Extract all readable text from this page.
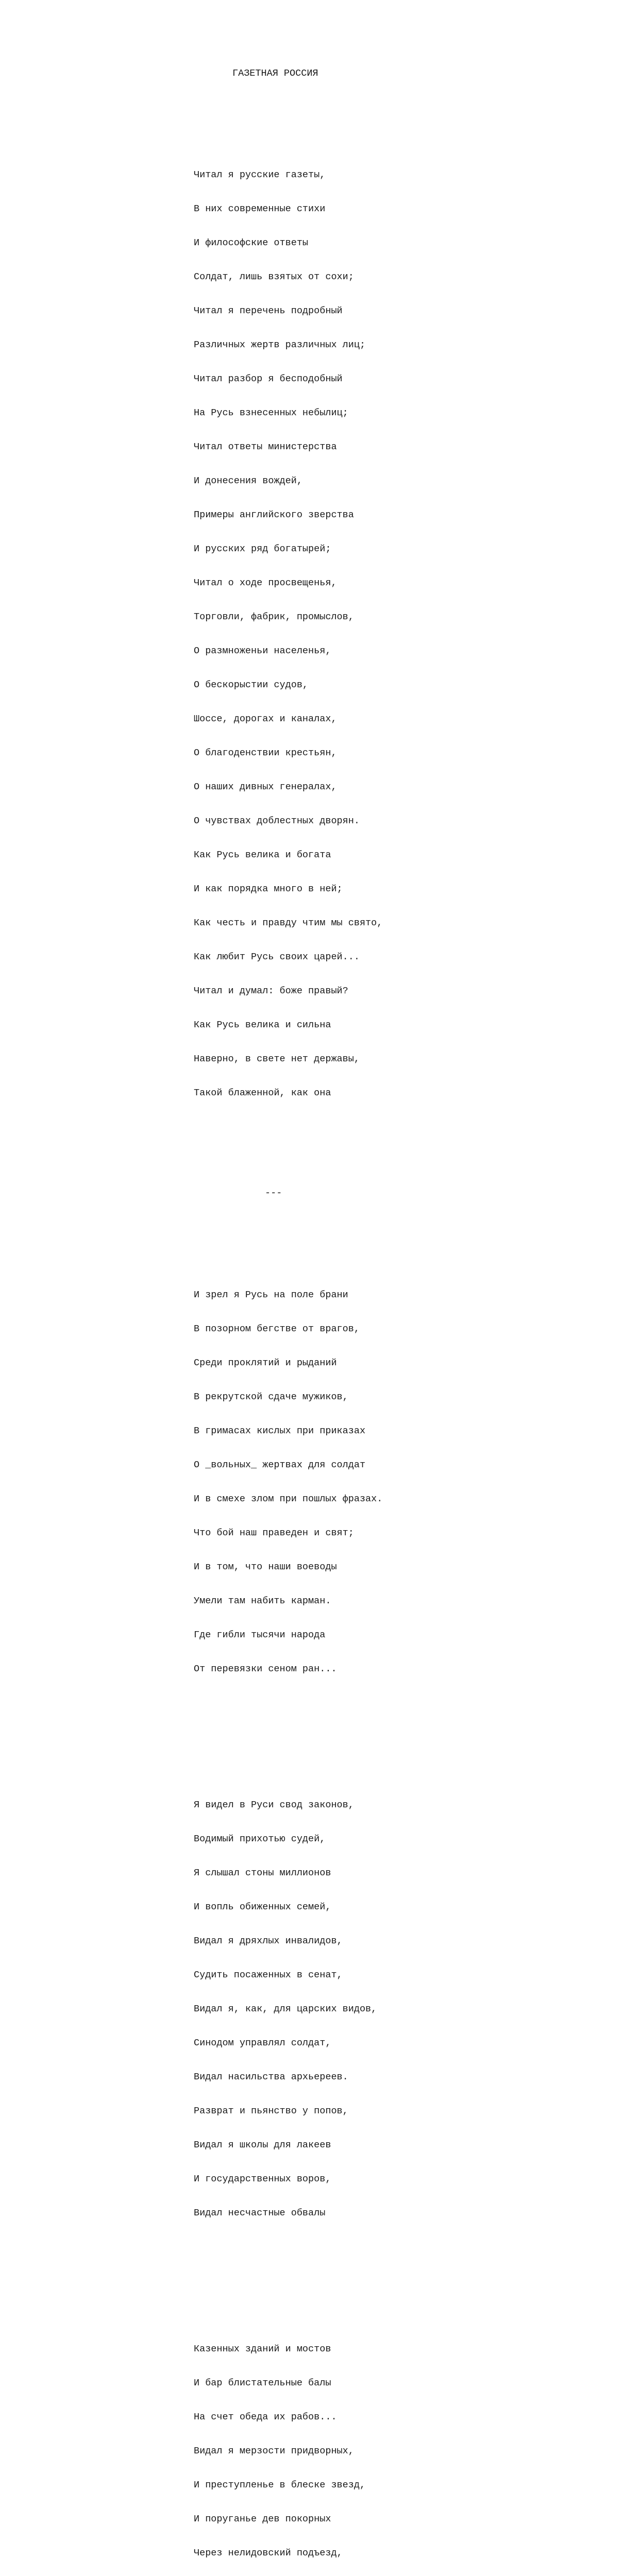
ГАЗЕТНАЯ РОССИЯ

Читал я русские газеты,

В них современные стихи

И философские ответы

Солдат, лишь взятых от сохи;

Читал я перечень подробный

Различных жертв различных лиц;

Читал разбор я бесподобный

На Русь взнесенных небылиц;

Читал ответы министерства

И донесения вождей,

Примеры английского зверства

И русских ряд богатырей;

Читал о ходе просвещенья,

Торговли, фабрик, промыслов,

О размноженьи населенья,

О бескорыстии судов,

Шоссе, дорогах и каналах,

О благоденствии крестьян,

О наших дивных генералах,

О чувствах доблестных дворян.

Как Русь велика и богата

И как порядка много в ней;

Как честь и правду чтим мы свято,

Как любит Русь своих царей...

Читал и думал: боже правый?

Как Русь велика и сильна

Наверно, в свете нет державы,

Такой блаженной, как она

---

И зрел я Русь на поле брани

В позорном бегстве от врагов,

Среди проклятий и рыданий

В рекрутской сдаче мужиков,

В гримасах кислых при приказах

О _вольных_ жертвах для солдат

И в смехе злом при пошлых фразах.

Что бой наш праведен и свят;

И в том, что наши воеводы

Умели там набить карман.

Где гибли тысячи народа

От перевязки сеном ран...

Я видел в Руси свод законов,

Водимый прихотью судей,

Я слышал стоны миллионов

И вопль обиженных семей,

Видал я дряхлых инвалидов,

Судить посаженных в сенат,

Видал я, как, для царских видов,

Синодом управлял солдат,

Видал насильства архьереев.

Разврат и пьянство у попов,

Видал я школы для лакеев

И государственных воров,

Видал несчастные обвалы

Казенных зданий и мостов

И бар блистательные балы

На счет обеда их рабов...

Видал я мерзости придворных,

И преступленье в блеске звезд,

И поруганье дев покорных

Через нелидовский подъезд,
